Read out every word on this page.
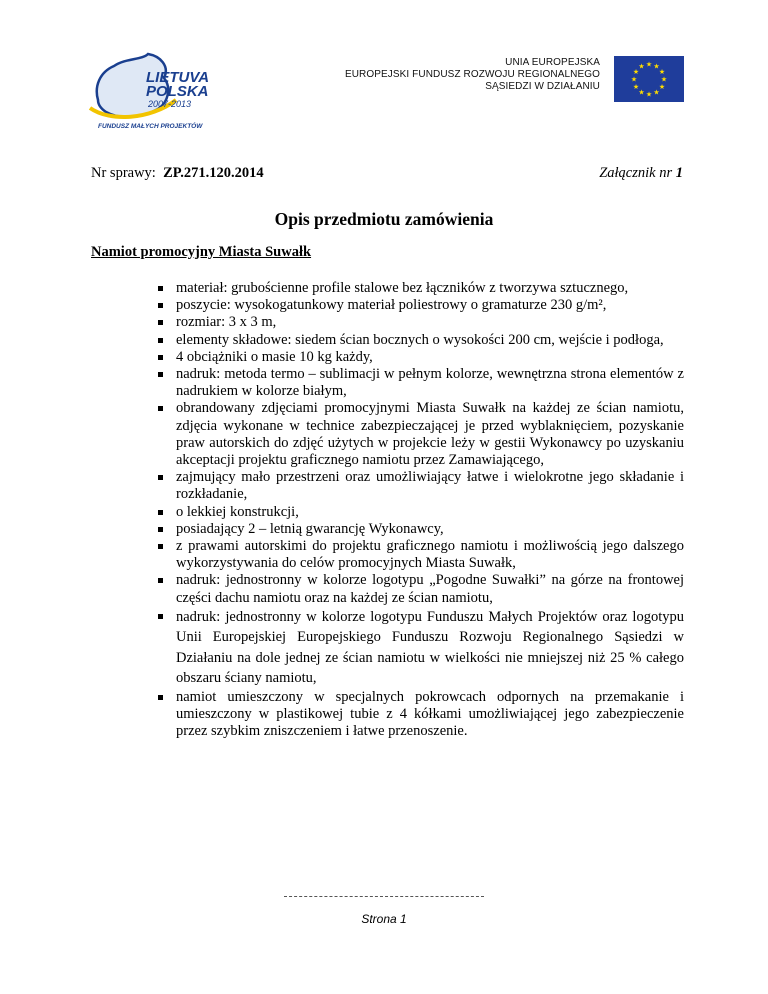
LIETUVA
POLSKA
2007-2013
FUNDUSZ MAŁYCH PROJEKTÓW
UNIA EUROPEJSKA
EUROPEJSKI FUNDUSZ ROZWOJU REGIONALNEGO
SĄSIEDZI W DZIAŁANIU
★ ★
★
★
★
★
★
★
★
★
★
★
Nr sprawy: ZP.271.120.2014	Załącznik nr 1
Opis przedmiotu zamówienia
Namiot promocyjny Miasta Suwałk
materiał: grubościenne profile stalowe bez łączników z tworzywa sztucznego,
poszycie: wysokogatunkowy materiał poliestrowy o gramaturze 230 g/m²,
rozmiar: 3 x 3 m,
elementy składowe: siedem ścian bocznych o wysokości 200 cm, wejście i podłoga,
4 obciążniki o masie 10 kg każdy,
nadruk: metoda termo – sublimacji w pełnym kolorze, wewnętrzna strona elementów z nadrukiem w kolorze białym,
obrandowany zdjęciami promocyjnymi Miasta Suwałk na każdej ze ścian namiotu, zdjęcia wykonane w technice zabezpieczającej je przed wyblaknięciem, pozyskanie praw autorskich do zdjęć użytych w projekcie leży w gestii Wykonawcy po uzyskaniu akceptacji projektu graficznego namiotu przez Zamawiającego,
zajmujący mało przestrzeni oraz umożliwiający łatwe i wielokrotne jego składanie i rozkładanie,
o lekkiej konstrukcji,
posiadający 2 – letnią gwarancję Wykonawcy,
z prawami autorskimi do projektu graficznego namiotu i możliwością jego dalszego wykorzystywania do celów promocyjnych Miasta Suwałk,
nadruk: jednostronny w kolorze logotypu „Pogodne Suwałki” na górze na frontowej części dachu namiotu oraz na każdej ze ścian namiotu,
nadruk: jednostronny w kolorze logotypu Funduszu Małych Projektów oraz logotypu Unii Europejskiej Europejskiego Funduszu Rozwoju Regionalnego Sąsiedzi w Działaniu na dole jednej ze ścian namiotu w wielkości nie mniejszej niż 25 % całego obszaru ściany namiotu,
namiot umieszczony w specjalnych pokrowcach odpornych na przemakanie i umieszczony w plastikowej tubie z 4 kółkami umożliwiającej jego zabezpieczenie przez szybkim zniszczeniem i łatwe przenoszenie.
Strona 1
